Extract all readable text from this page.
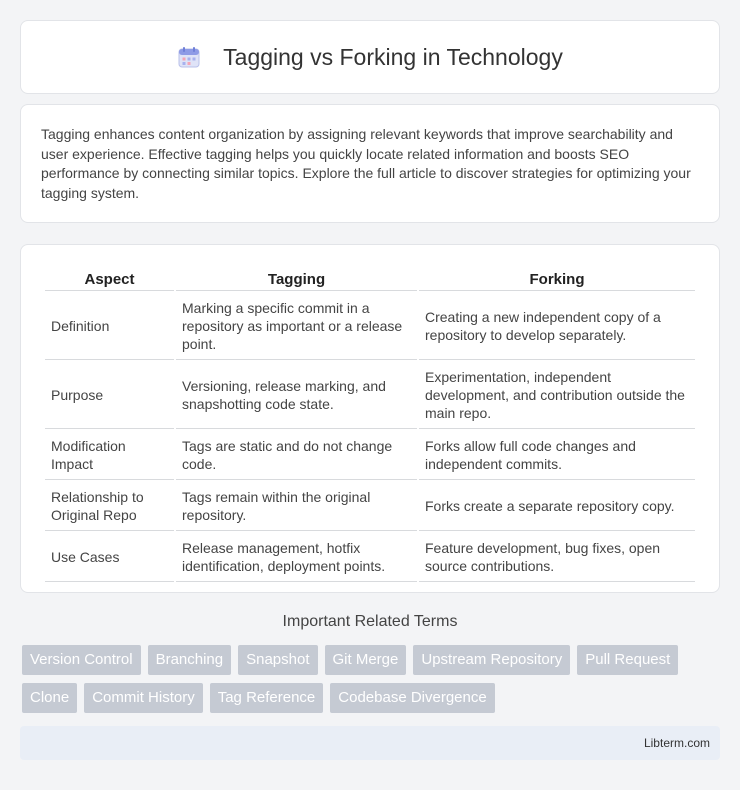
Tagging vs Forking in Technology

Tagging enhances content organization by assigning relevant keywords that improve searchability and user experience. Effective tagging helps you quickly locate related information and boosts SEO performance by connecting similar topics. Explore the full article to discover strategies for optimizing your tagging system.

Aspect	Tagging	Forking
Definition	Marking a specific commit in a repository as important or a release point.	Creating a new independent copy of a repository to develop separately.
Purpose	Versioning, release marking, and snapshotting code state.	Experimentation, independent development, and contribution outside the main repo.
Modification Impact	Tags are static and do not change code.	Forks allow full code changes and independent commits.
Relationship to Original Repo	Tags remain within the original repository.	Forks create a separate repository copy.
Use Cases	Release management, hotfix identification, deployment points.	Feature development, bug fixes, open source contributions.
Important Related Terms
Version Control	Branching	Snapshot	Git Merge	Upstream Repository	Pull Request
Clone	Commit History	Tag Reference	Codebase Divergence
Libterm.com
